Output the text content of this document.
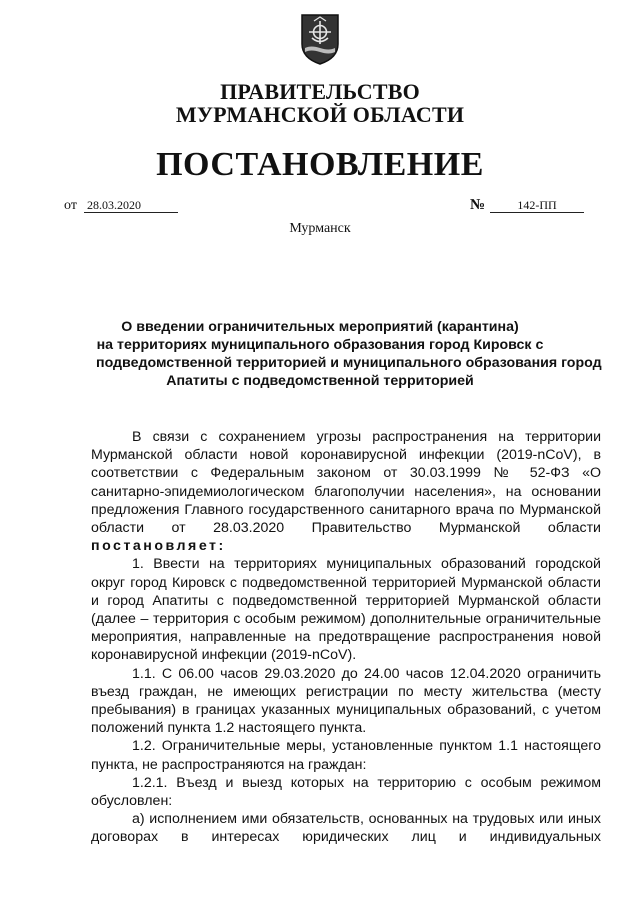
ПРАВИТЕЛЬСТВО
МУРМАНСКОЙ ОБЛАСТИ
ПОСТАНОВЛЕНИЕ
от 28.03.2020	№	142-ПП
Мурманск
О введении ограничительных мероприятий (карантина)
на территориях муниципального образования город Кировск с
подведомственной территорией и муниципального образования город
Апатиты с подведомственной территорией

В связи с сохранением угрозы распространения на территории Мурманской области новой коронавирусной инфекции (2019-nCoV), в соответствии с Федеральным законом от 30.03.1999 № 52-ФЗ «О санитарно-эпидемиологическом благополучии населения», на основании предложения Главного государственного санитарного врача по Мурманской области от 28.03.2020 Правительство Мурманской области постановляет:

1. Ввести на территориях муниципальных образований городской округ город Кировск с подведомственной территорией Мурманской области и город Апатиты с подведомственной территорией Мурманской области (далее – территория с особым режимом) дополнительные ограничительные мероприятия, направленные на предотвращение распространения новой коронавирусной инфекции (2019-nCoV).

1.1. С 06.00 часов 29.03.2020 до 24.00 часов 12.04.2020 ограничить въезд граждан, не имеющих регистрации по месту жительства (месту пребывания) в границах указанных муниципальных образований, с учетом положений пункта 1.2 настоящего пункта.

1.2. Ограничительные меры, установленные пунктом 1.1 настоящего пункта, не распространяются на граждан:

1.2.1. Въезд и выезд которых на территорию с особым режимом обусловлен:

а) исполнением ими обязательств, основанных на трудовых или иных договорах в интересах юридических лиц и индивидуальных
